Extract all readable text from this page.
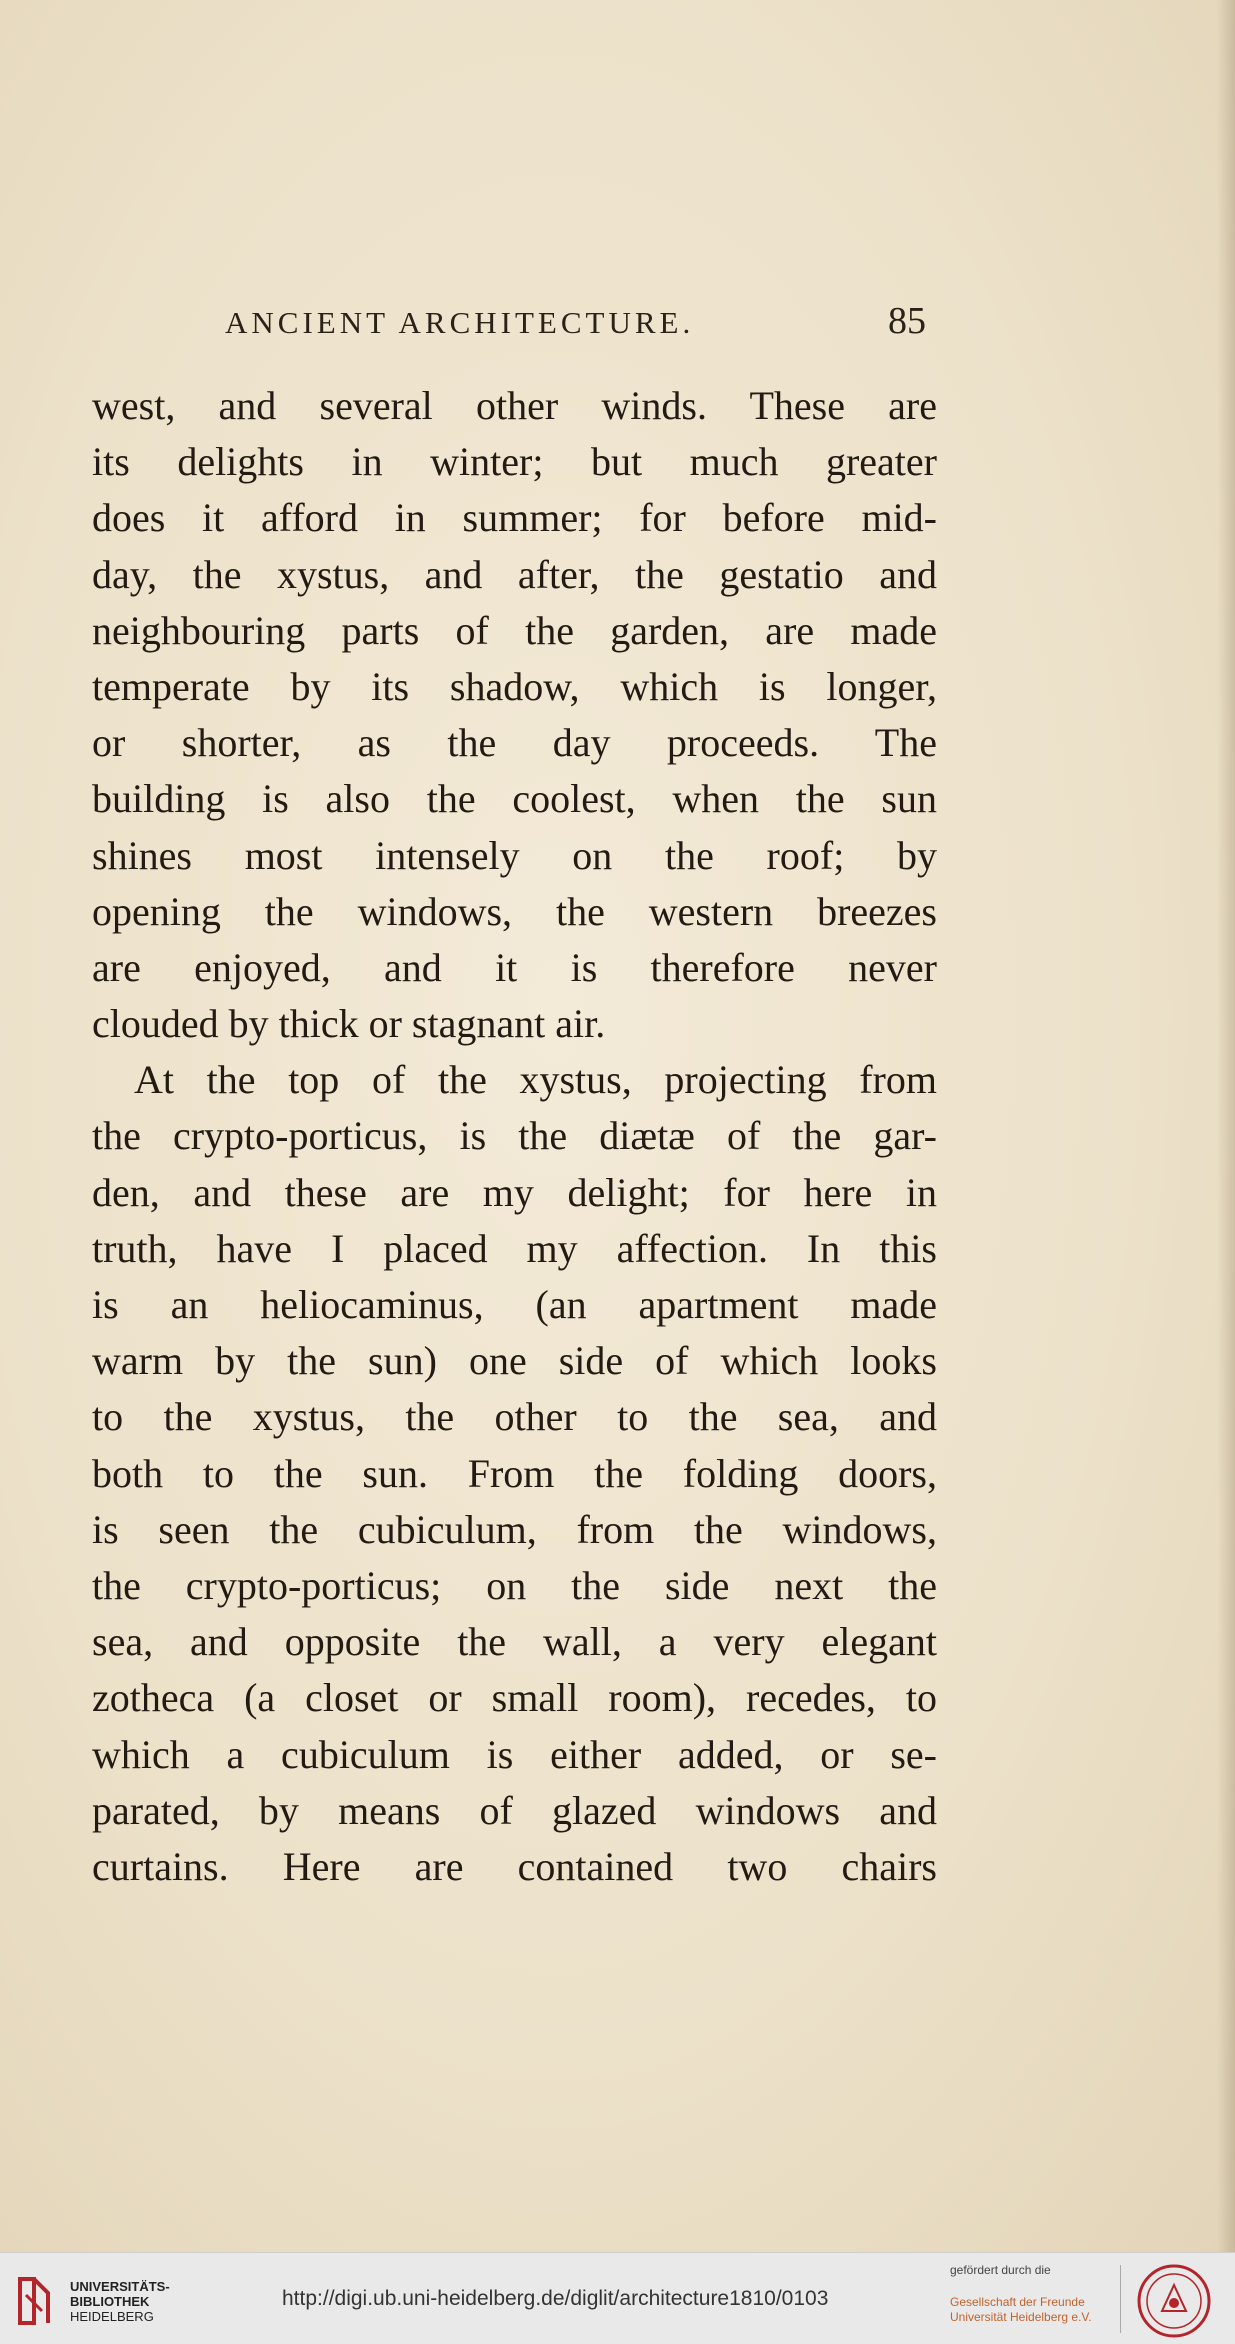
ANCIENT ARCHITECTURE.	85
west, and several other winds. These are
its delights in winter; but much greater
does it afford in summer; for before mid-
day, the xystus, and after, the gestatio and
neighbouring parts of the garden, are made
temperate by its shadow, which is longer,
or shorter, as the day proceeds. The
building is also the coolest, when the sun
shines most intensely on the roof; by
opening the windows, the western breezes
are enjoyed, and it is therefore never
clouded by thick or stagnant air.
At the top of the xystus, projecting from
the crypto-porticus, is the diætæ of the gar-
den, and these are my delight; for here in
truth, have I placed my affection. In this
is an heliocaminus, (an apartment made
warm by the sun) one side of which looks
to the xystus, the other to the sea, and
both to the sun. From the folding doors,
is seen the cubiculum, from the windows,
the crypto-porticus; on the side next the
sea, and opposite the wall, a very elegant
zotheca (a closet or small room), recedes, to
which a cubiculum is either added, or se-
parated, by means of glazed windows and
curtains. Here are contained two chairs
UNIVERSITÄTS-
BIBLIOTHEK
HEIDELBERG
http://digi.ub.uni-heidelberg.de/diglit/architecture1810/0103
gefördert durch die
Gesellschaft der Freunde
Universität Heidelberg e.V.
